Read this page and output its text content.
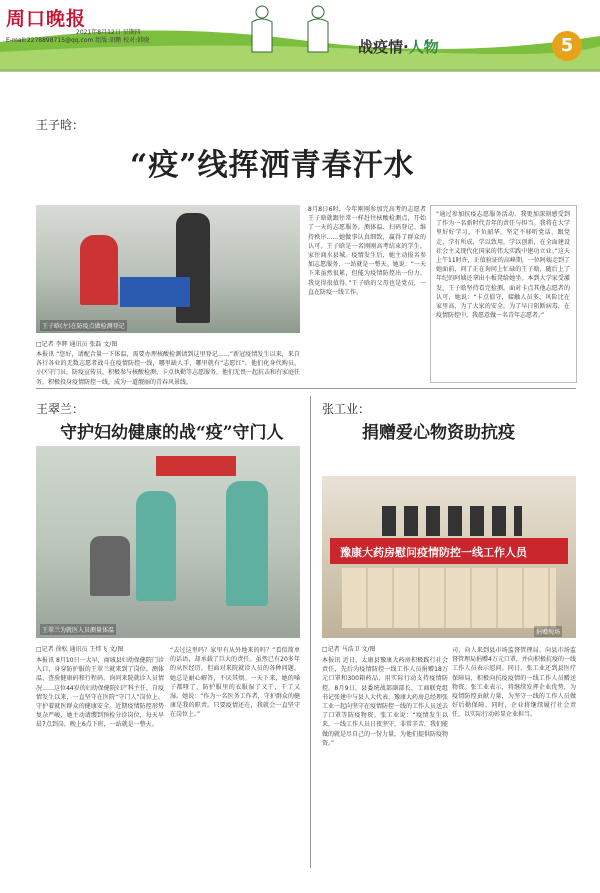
周口晚报
2021年8月12日 星期四
E-mail:2278898715@qq.com 组版:胡鹏 校对:韩晓	战疫情·人物	5
王子晗：
“疫”线挥洒青春汗水
王子晗(左)在防疫点做检测登记
□记者 李辉 通讯员 张磊 文/图
本报讯 “您好，请配合量一下体温，需要办理核酸检测请到这里登记……”新冠疫情发生以来，来自各行各业的无数志愿者战斗在疫情防控一线，哪里缺人手，哪里就有“志愿红”。他们化身代购员、小区守门员、防疫宣传员，积极参与核酸检测、卡点执勤等志愿服务，他们无畏一起抗击和有家庭任务，积极投身疫情防控一线，成为一道靓丽的青春风景线。
8月8日6时，今年刚刚参加完高考的志愿者王子晗就跟往常一样赶往核酸检测点，开始了一天的志愿服务。测体温、扫码登记、维持秩序……她做事认真细致，赢得了群众的认可。王子晗是一名刚刚高考结束的学生，家住商水县城。疫情发生后，她主动报名参加志愿服务，一站就是一整天。她说：“一天下来虽然很累，但能为疫情防控出一份力，我觉得很值得。”王子晗的父母也是党员，一直在防疫一线工作。
“通过参加抗疫志愿服务活动，我更加深刻感受到了作为一名新时代青年的责任与担当。我将在大学里好好学习，不负韶华，坚定不移听党话、跟党走，学有所成，学以致用，学以创新，在全面建设社会主义现代化国家的伟大实践中建功立业。”这天上午11时许，正值验证的高峰期，一位阿姨走到了她面前，问了正在询问上忙碌的王子晗，随后上了年纪的阿姨还拿出小板凳给她坐。本到大学家受激发，王子晗坚持看完检测，面对卡点其他志愿者的认可，她说：“卡点值守，接触人员多，风险比在家里高，为了大家的安全，为了早日阻断病毒，在疫情防控中，我愿意做一名青年志愿者。”
王翠兰：
守护妇幼健康的战“疫”守门人
王翠兰为就医人员测量体温
□记者 徐松 通讯员 王炜飞 文/图
本报讯 8月10日一大早，商城县妇幼保健院门诊入口，身穿防护服的王翠兰就来到了岗位。测体温、查验健康码和行程码、询问来院就诊人员情况……这位44岁的妇幼保健院妇产科主任，自疫情发生以来，一直坚守在医院“守门人”岗位上，守护着就医群众的健康安全。近期疫情防控形势复杂严峻，她主动请缨到预检分诊岗位，每天早晨7点到岗，晚上6点下班，一站就是一整天。
“去过这里吗？家里有从外地来的吗？”看似简单的话语，却承载了巨大的责任。虽然已有20多年的从医经历，但面对来院就诊人员的各种问题，她总是耐心解答，不厌其烦。一天下来，她的嗓子都哑了，防护服里的衣服湿了又干，干了又湿。她说：“作为一名医务工作者，守护群众的健康是我的职责。只要疫情还在，我就会一直坚守在岗位上。”
张工业：
捐赠爱心物资助抗疫
豫康大药房慰问疫情防控一线工作人员
捐赠现场
□记者 马浩卫 文/图
本报讯 近日，太康县豫康大药房积极践行社会责任，先后为疫情防控一线工作人员捐赠18万元口罩和300箱药品，用实际行动支持疫情防控。8月9日，县委统战部副部长、工商联党组书记张建中与县人大代表、豫康大药房总经理张工业一起向坚守在疫情防控一线的工作人员送去了口罩等防疫物资。张工业说：“疫情发生以来，一线工作人员日夜坚守，非常辛苦，我们能做的就是尽自己的一份力量，为他们提供防疫物资。”
司、向人来到县市场监督管理局、向县市场监督管理局捐赠4万元口罩，并向积极抗疫的一线工作人员表示慰问。同日，张工业还到县医疗保障局，积极向抗疫疫情的一线工作人员赠送物资。张工业表示，将继续发挥企业优势，为疫情防控贡献力量，为坚守一线的工作人员做好后勤保障。同时，企业将继续履行社会责任，以实际行动彰显企业担当。
